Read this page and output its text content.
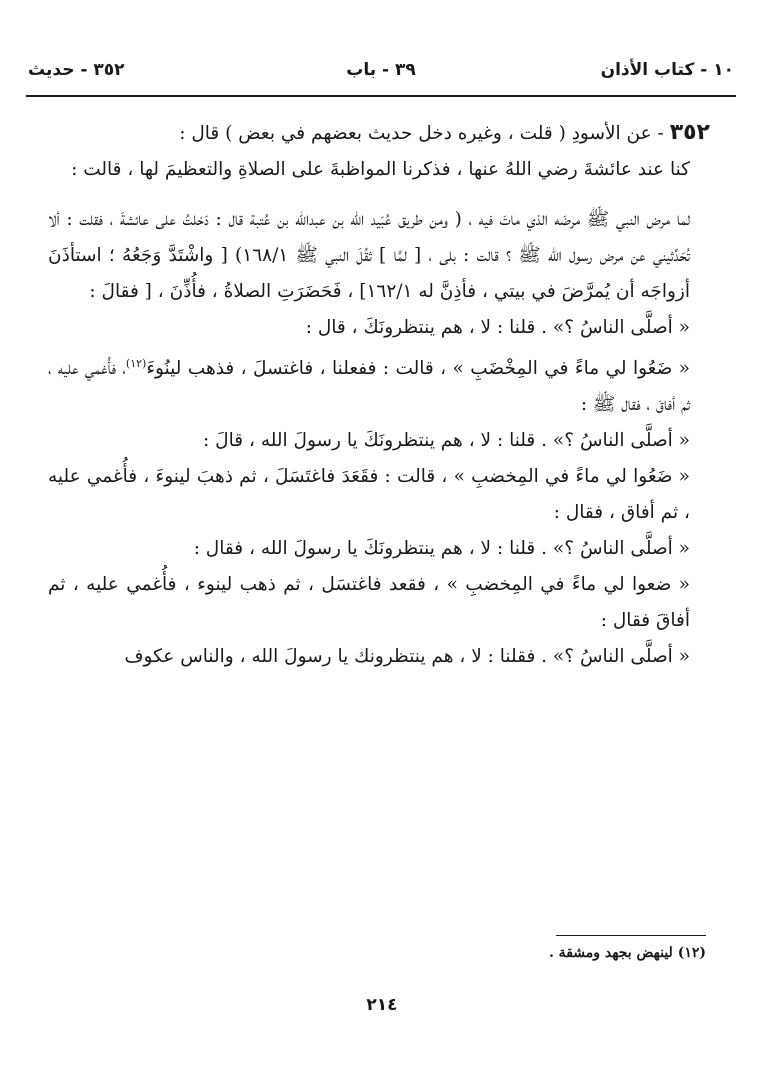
١٠ - كتاب الأذان
٣٩ - باب
٣٥٢ - حديث

٣٥٢ - عن الأسودِ ( قلت ، وغيره دخل حديث بعضهم في بعض ) قال :

كنا عند عائشةَ رضي اللهُ عنها ، فذكرنا المواظبةَ على الصلاةِ والتعظيمَ لها ، قالت :

لما مرض النبي ﷺ مرضَه الذي ماتَ فيه ، ( ومن طريق عُبَيد الله بن عبدالله بن عُتبة قال : دَخلتُ على عائشةَ ، فقلت : ألا تُحَدِّثيني عن مرض رسول الله ﷺ ؟ قالت : بلى ، [ لمَّا ] ثقُلَ النبي ﷺ ١٦٨/١) [ واشْتَدَّ وَجَعُهُ ؛ استأذَنَ أزواجَه أن يُمرَّضَ في بيتي ، فأذِنَّ له ١٦٢/١] ، فَحَضَرَتِ الصلاةُ ، فأُذِّنَ ، [ فقالَ :

« أصلَّى الناسُ ؟» . قلنا : لا ، هم ينتظرونَكَ ، قال :

« ضَعُوا لي ماءً في المِخْضَبِ » ، قالت : ففعلنا ، فاغتسلَ ، فذهب لينُوءَ$^{(١٢)}$، فأُغمي عليه ، ثم أفاقَ ، فقال ﷺ :

« أصلَّى الناسُ ؟» . قلنا : لا ، هم ينتظرونَكَ يا رسولَ الله ، قالَ :

« ضَعُوا لي ماءً في المِخضبِ » ، قالت : فقَعَدَ فاغتَسَلَ ، ثم ذهبَ لينوءَ ، فأُغمي عليه ، ثم أفاق ، فقال :

« أصلَّى الناسُ ؟» . قلنا : لا ، هم ينتظرونَكَ يا رسولَ الله ، فقال :

« ضعوا لي ماءً في المِخضبِ » ، فقعد فاغتسَل ، ثم ذهب لينوء ، فأُغمي عليه ، ثم أفاقَ فقال :

« أصلَّى الناسُ ؟» . فقلنا : لا ، هم ينتظرونك يا رسولَ الله ، والناس عكوف

(١٢) لينهض بجهد ومشقة .
٢١٤
